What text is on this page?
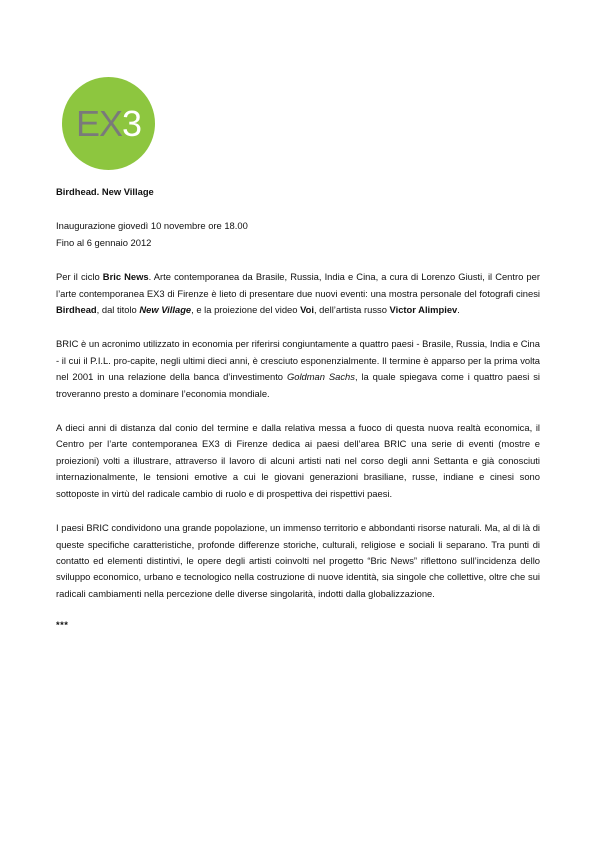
EX3

Birdhead. New Village

Inaugurazione giovedì 10 novembre ore 18.00

Fino al 6 gennaio 2012

Per il ciclo Bric News. Arte contemporanea da Brasile, Russia, India e Cina, a cura di Lorenzo Giusti, il Centro per l’arte contemporanea EX3 di Firenze è lieto di presentare due nuovi eventi: una mostra personale del fotografi cinesi Birdhead, dal titolo New Village, e la proiezione del video Voi, dell’artista russo Victor Alimpiev.

BRIC è un acronimo utilizzato in economia per riferirsi congiuntamente a quattro paesi - Brasile, Russia, India e Cina - il cui il P.I.L. pro-capite, negli ultimi dieci anni, è cresciuto esponenzialmente. Il termine è apparso per la prima volta nel 2001 in una relazione della banca d’investimento Goldman Sachs, la quale spiegava come i quattro paesi si troveranno presto a dominare l’economia mondiale.

A dieci anni di distanza dal conio del termine e dalla relativa messa a fuoco di questa nuova realtà economica, il Centro per l’arte contemporanea EX3 di Firenze dedica ai paesi dell’area BRIC una serie di eventi (mostre e proiezioni) volti a illustrare, attraverso il lavoro di alcuni artisti nati nel corso degli anni Settanta e già conosciuti internazionalmente, le tensioni emotive a cui le giovani generazioni brasiliane, russe, indiane e cinesi sono sottoposte in virtù del radicale cambio di ruolo e di prospettiva dei rispettivi paesi.

I paesi BRIC condividono una grande popolazione, un immenso territorio e abbondanti risorse naturali. Ma, al di là di queste specifiche caratteristiche, profonde differenze storiche, culturali, religiose e sociali li separano. Tra punti di contatto ed elementi distintivi, le opere degli artisti coinvolti nel progetto “Bric News” riflettono sull’incidenza dello sviluppo economico, urbano e tecnologico nella costruzione di nuove identità, sia singole che collettive, oltre che sui radicali cambiamenti nella percezione delle diverse singolarità, indotti dalla globalizzazione.

***
